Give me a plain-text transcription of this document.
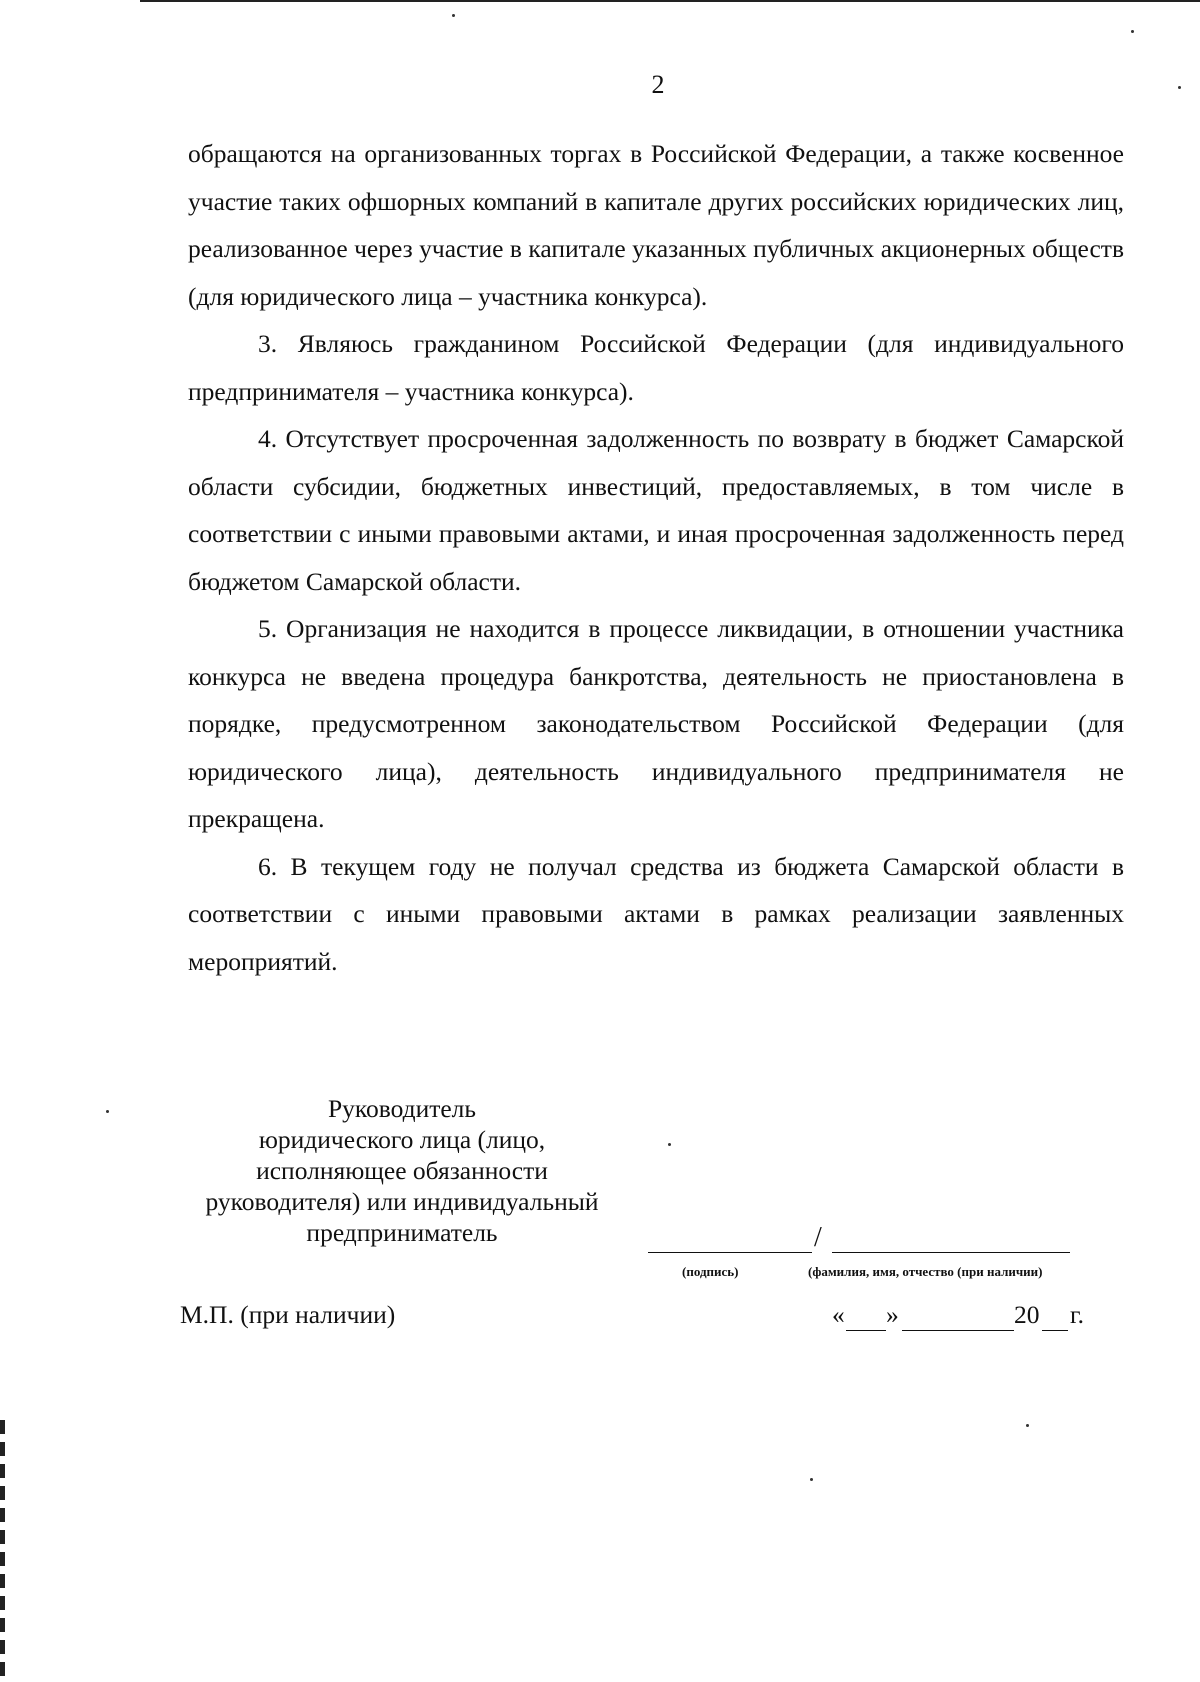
2

обращаются на организованных торгах в Российской Федерации, а также косвенное участие таких офшорных компаний в капитале других российских юридических лиц, реализованное через участие в капитале указанных публичных акционерных обществ (для юридического лица – участника конкурса).

3. Являюсь гражданином Российской Федерации (для индивидуального предпринимателя – участника конкурса).

4. Отсутствует просроченная задолженность по возврату в бюджет Самарской области субсидии, бюджетных инвестиций, предоставляемых, в том числе в соответствии с иными правовыми актами, и иная просроченная задолженность перед бюджетом Самарской области.

5. Организация не находится в процессе ликвидации, в отношении участника конкурса не введена процедура банкротства, деятельность не приостановлена в порядке, предусмотренном законодательством Российской Федерации (для юридического лица), деятельность индивидуального предпринимателя не прекращена.

6. В текущем году не получал средства из бюджета Самарской области в соответствии с иными правовыми актами в рамках реализации заявленных мероприятий.

Руководитель
юридического лица (лицо,
исполняющее обязанности
руководителя) или индивидуальный
предприниматель	/
(подпись)	(фамилия, имя, отчество (при наличии)
М.П. (при наличии)	« »	20 г.
